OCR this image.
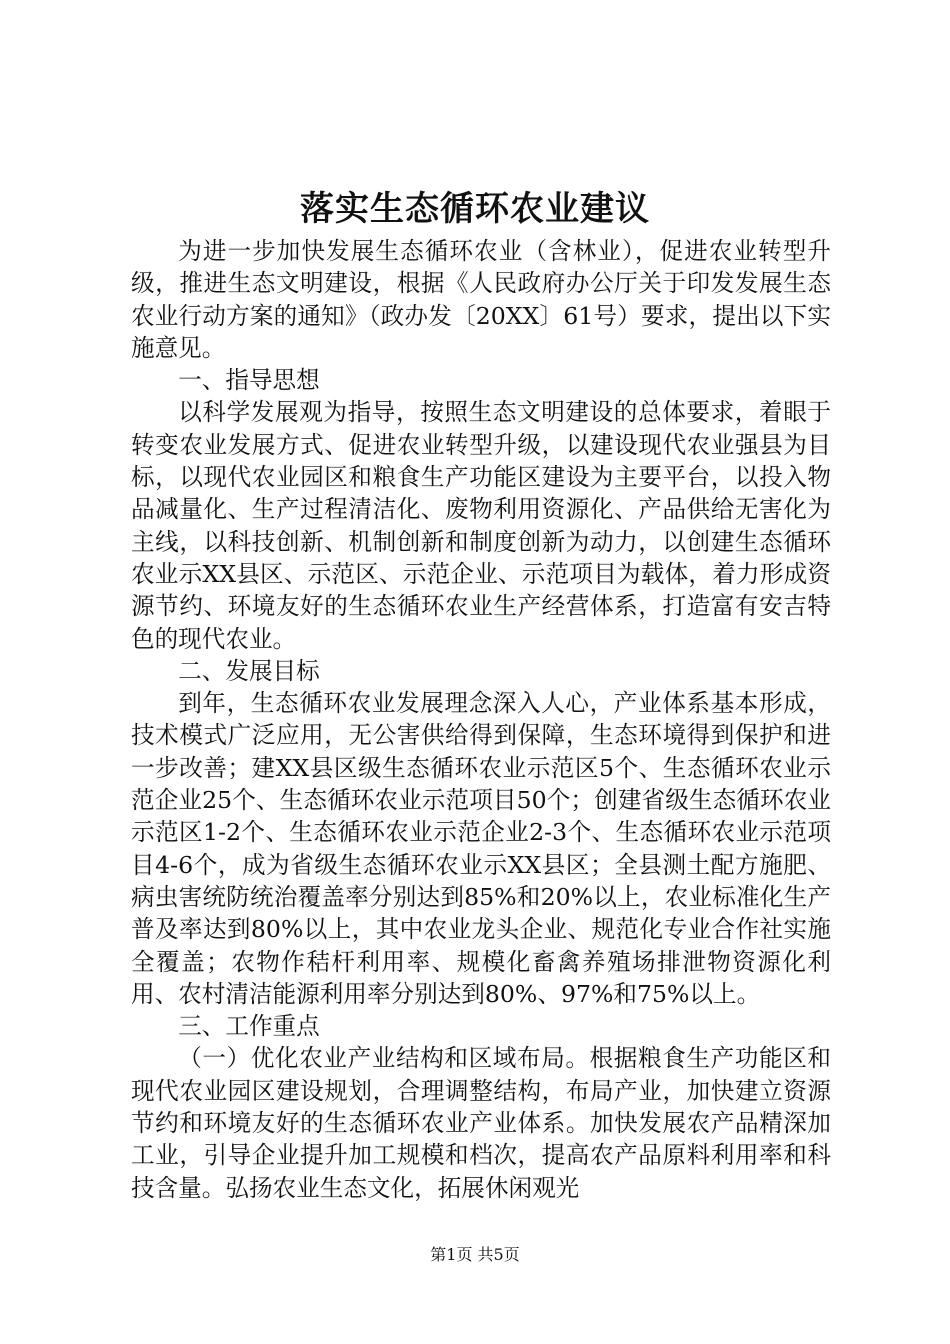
落实生态循环农业建议

为进一步加快发展生态循环农业（含林业），促进农业转型升级，推进生态文明建设，根据《人民政府办公厅关于印发发展生态农业行动方案的通知》（政办发〔20XX〕61号）要求，提出以下实施意见。

一、指导思想

以科学发展观为指导，按照生态文明建设的总体要求，着眼于转变农业发展方式、促进农业转型升级，以建设现代农业强县为目标，以现代农业园区和粮食生产功能区建设为主要平台，以投入物品减量化、生产过程清洁化、废物利用资源化、产品供给无害化为主线，以科技创新、机制创新和制度创新为动力，以创建生态循环农业示XX县区、示范区、示范企业、示范项目为载体，着力形成资源节约、环境友好的生态循环农业生产经营体系，打造富有安吉特色的现代农业。

二、发展目标

到年，生态循环农业发展理念深入人心，产业体系基本形成，技术模式广泛应用，无公害供给得到保障，生态环境得到保护和进一步改善；建XX县区级生态循环农业示范区5个、生态循环农业示范企业25个、生态循环农业示范项目50个；创建省级生态循环农业示范区1-2个、生态循环农业示范企业2-3个、生态循环农业示范项目4-6个，成为省级生态循环农业示XX县区；全县测土配方施肥、病虫害统防统治覆盖率分别达到85%和20%以上，农业标准化生产普及率达到80%以上，其中农业龙头企业、规范化专业合作社实施全覆盖；农物作秸杆利用率、规模化畜禽养殖场排泄物资源化利用、农村清洁能源利用率分别达到80%、97%和75%以上。

三、工作重点

（一）优化农业产业结构和区域布局。根据粮食生产功能区和现代农业园区建设规划，合理调整结构，布局产业，加快建立资源节约和环境友好的生态循环农业产业体系。加快发展农产品精深加工业，引导企业提升加工规模和档次，提高农产品原料利用率和科技含量。弘扬农业生态文化，拓展休闲观光

第1页 共5页
